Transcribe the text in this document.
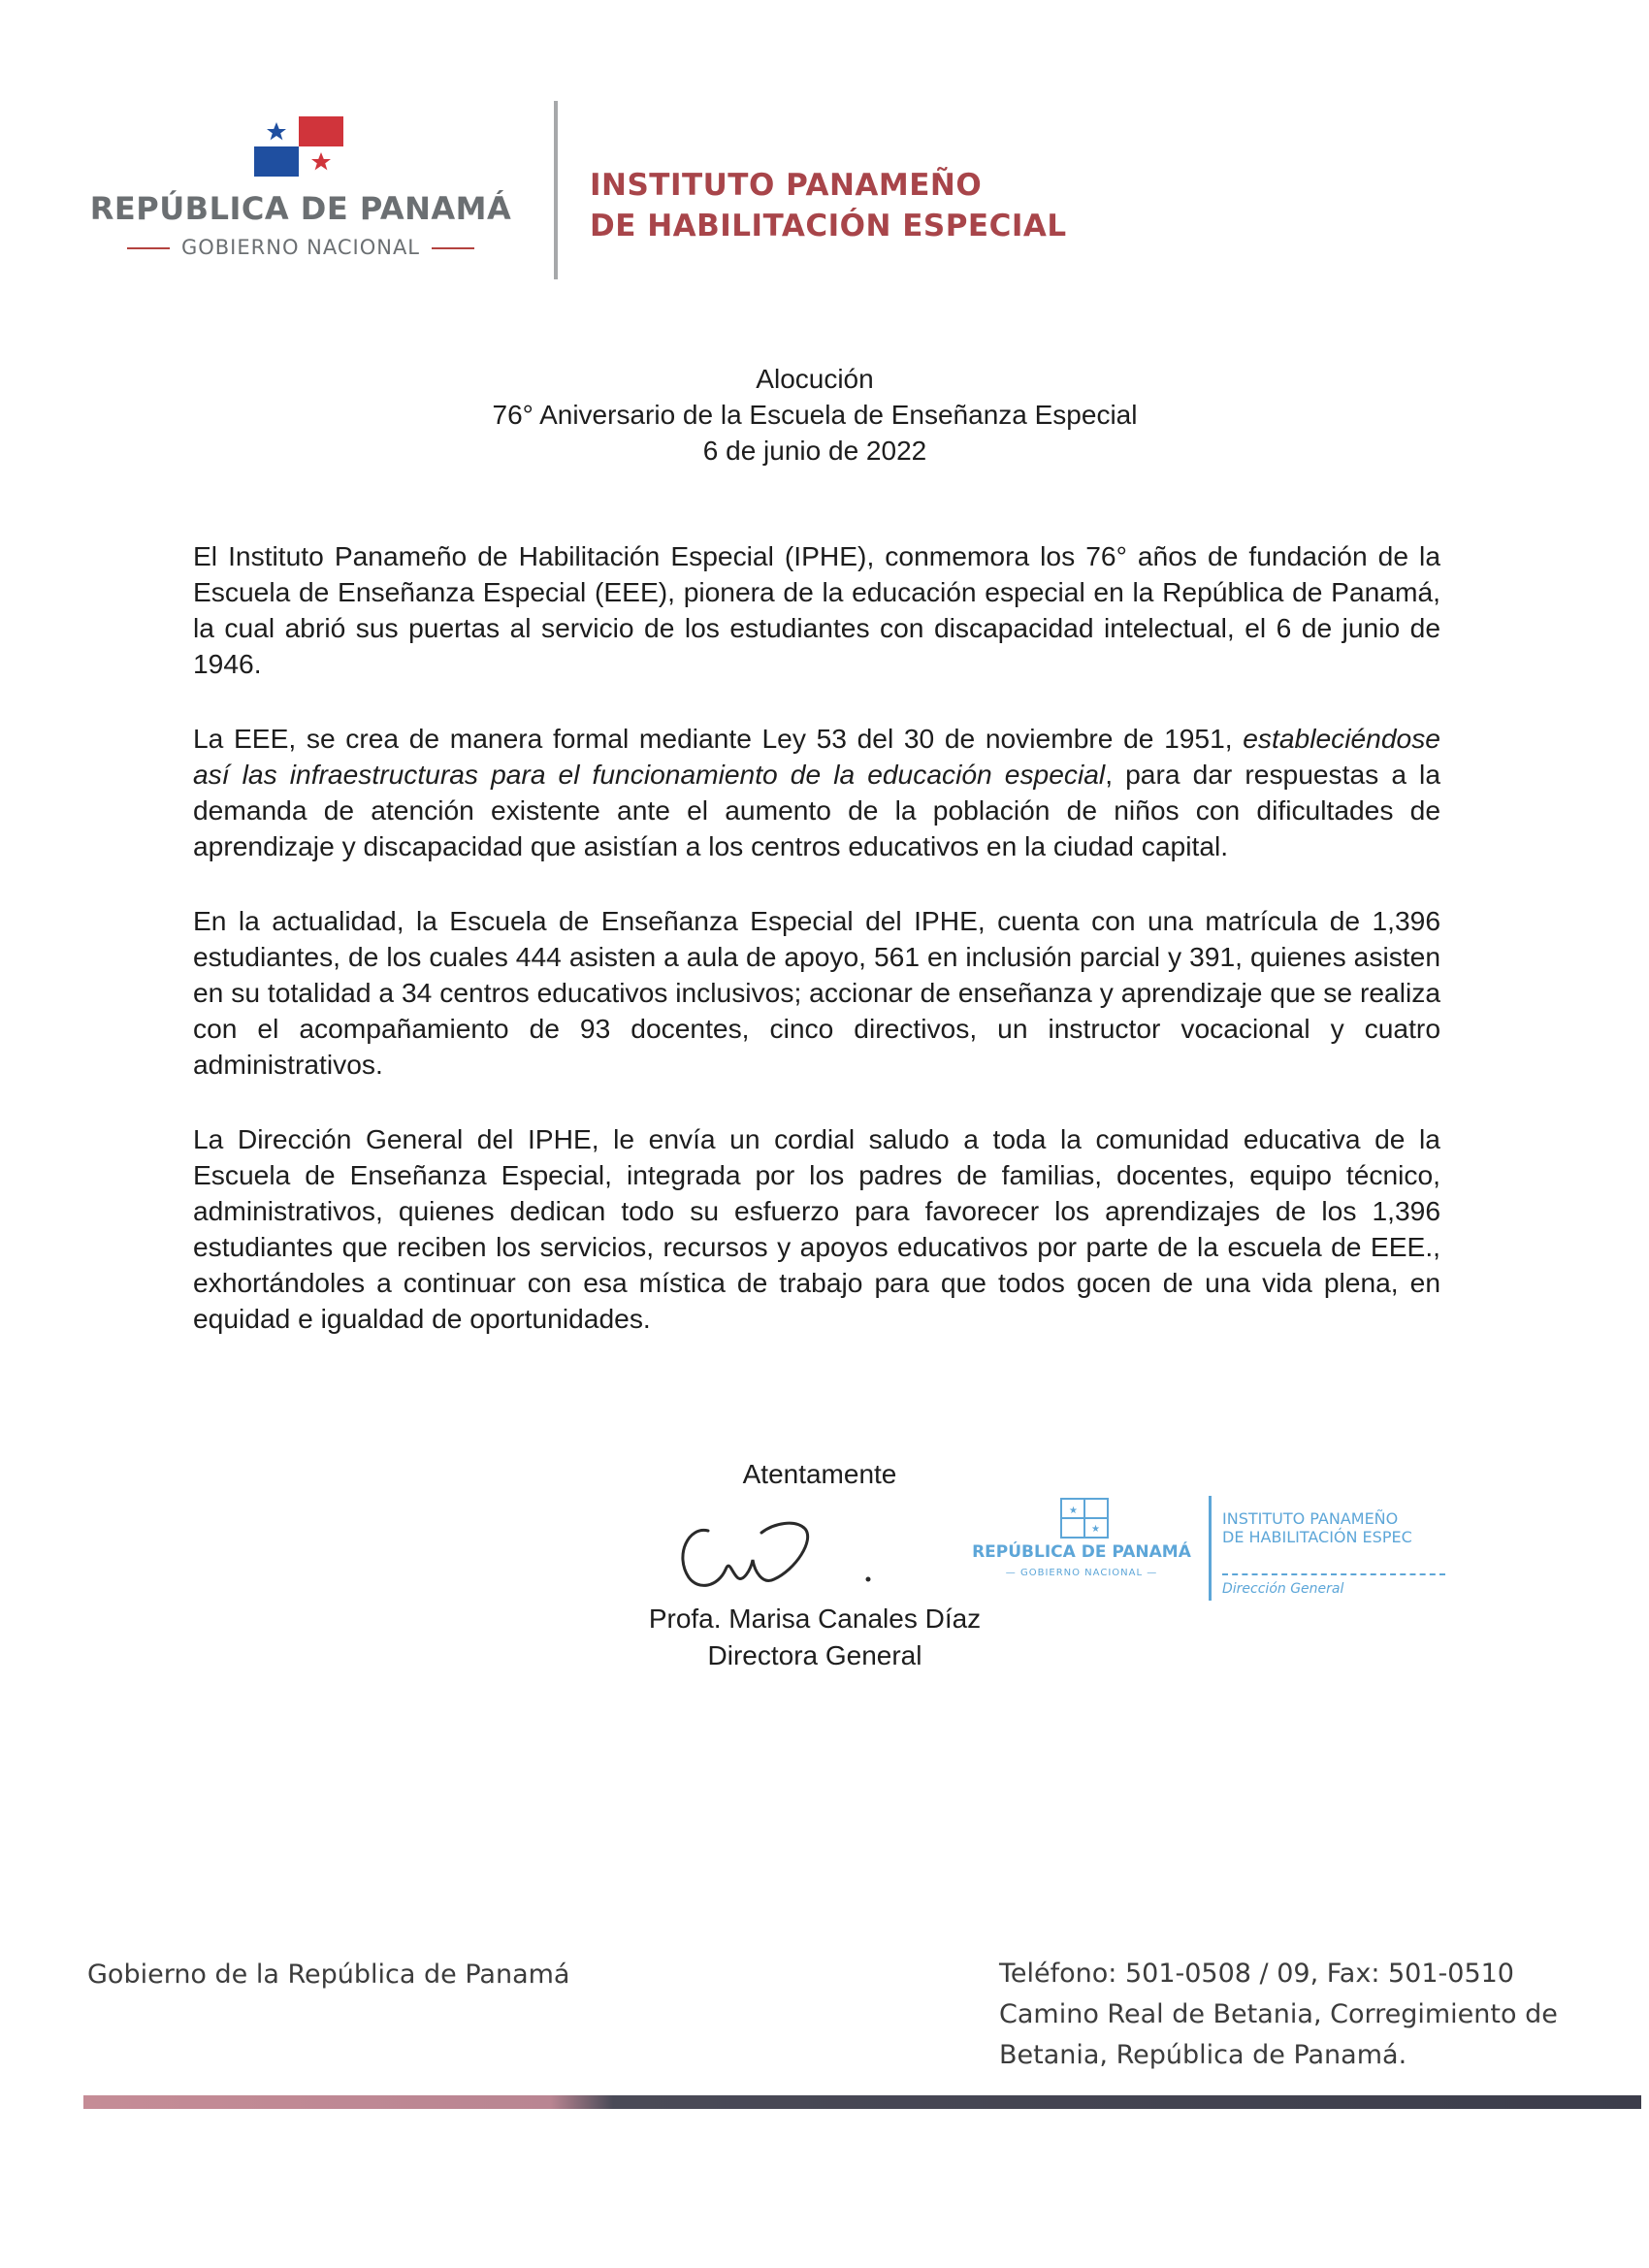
REPÚBLICA DE PANAMÁ
GOBIERNO NACIONAL
INSTITUTO PANAMEÑO
DE HABILITACIÓN ESPECIAL
Alocución
76° Aniversario de la Escuela de Enseñanza Especial
6 de junio de 2022

El Instituto Panameño de Habilitación Especial (IPHE), conmemora los 76° años de fundación de la Escuela de Enseñanza Especial (EEE), pionera de la educación especial en la República de Panamá, la cual abrió sus puertas al servicio de los estudiantes con discapacidad intelectual, el 6 de junio de 1946.

La EEE, se crea de manera formal mediante Ley 53 del 30 de noviembre de 1951, estableciéndose así las infraestructuras para el funcionamiento de la educación especial, para dar respuestas a la demanda de atención existente ante el aumento de la población de niños con dificultades de aprendizaje y discapacidad que asistían a los centros educativos en la ciudad capital.

En la actualidad, la Escuela de Enseñanza Especial del IPHE, cuenta con una matrícula de 1,396 estudiantes, de los cuales 444 asisten a aula de apoyo, 561 en inclusión parcial y 391, quienes asisten en su totalidad a 34 centros educativos inclusivos; accionar de enseñanza y aprendizaje que se realiza con el acompañamiento de 93 docentes, cinco directivos, un instructor vocacional y cuatro administrativos.

La Dirección General del IPHE, le envía un cordial saludo a toda la comunidad educativa de la Escuela de Enseñanza Especial, integrada por los padres de familias, docentes, equipo técnico, administrativos, quienes dedican todo su esfuerzo para favorecer los aprendizajes de los 1,396 estudiantes que reciben los servicios, recursos y apoyos educativos por parte de la escuela de EEE., exhortándoles a continuar con esa mística de trabajo para que todos gocen de una vida plena, en equidad e igualdad de oportunidades.

Atentamente
Profa. Marisa Canales Díaz
Directora General
★
★
REPÚBLICA DE PANAMÁ
— GOBIERNO NACIONAL —
INSTITUTO PANAMEÑO
DE HABILITACIÓN ESPEC
Dirección General
Gobierno de la República de Panamá	Teléfono: 501-0508 / 09, Fax: 501-0510
Camino Real de Betania, Corregimiento de
Betania, República de Panamá.
